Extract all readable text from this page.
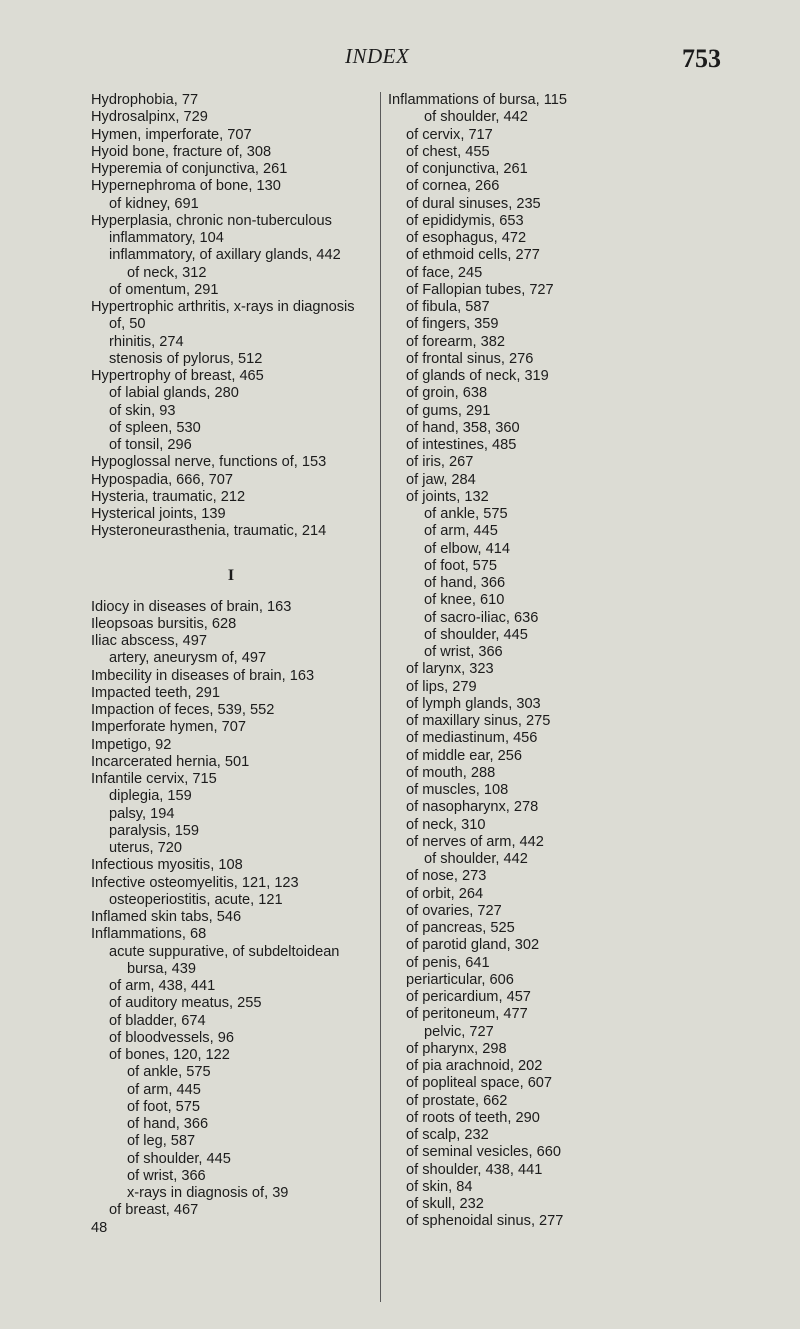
INDEX	753
Hydrophobia, 77
Hydrosalpinx, 729
Hymen, imperforate, 707
Hyoid bone, fracture of, 308
Hyperemia of conjunctiva, 261
Hypernephroma of bone, 130
of kidney, 691
Hyperplasia, chronic non-tuberculous inflammatory, 104
inflammatory, of axillary glands, 442
of neck, 312
of omentum, 291
Hypertrophic arthritis, x-rays in diagnosis of, 50
rhinitis, 274
stenosis of pylorus, 512
Hypertrophy of breast, 465
of labial glands, 280
of skin, 93
of spleen, 530
of tonsil, 296
Hypoglossal nerve, functions of, 153
Hypospadia, 666, 707
Hysteria, traumatic, 212
Hysterical joints, 139
Hysteroneurasthenia, traumatic, 214
I
Idiocy in diseases of brain, 163
Ileopsoas bursitis, 628
Iliac abscess, 497
artery, aneurysm of, 497
Imbecility in diseases of brain, 163
Impacted teeth, 291
Impaction of feces, 539, 552
Imperforate hymen, 707
Impetigo, 92
Incarcerated hernia, 501
Infantile cervix, 715
diplegia, 159
palsy, 194
paralysis, 159
uterus, 720
Infectious myositis, 108
Infective osteomyelitis, 121, 123
osteoperiostitis, acute, 121
Inflamed skin tabs, 546
Inflammations, 68
acute suppurative, of subdeltoidean bursa, 439
of arm, 438, 441
of auditory meatus, 255
of bladder, 674
of bloodvessels, 96
of bones, 120, 122
of ankle, 575
of arm, 445
of foot, 575
of hand, 366
of leg, 587
of shoulder, 445
of wrist, 366
x-rays in diagnosis of, 39
of breast, 467
48
Inflammations of bursa, 115
of shoulder, 442
of cervix, 717
of chest, 455
of conjunctiva, 261
of cornea, 266
of dural sinuses, 235
of epididymis, 653
of esophagus, 472
of ethmoid cells, 277
of face, 245
of Fallopian tubes, 727
of fibula, 587
of fingers, 359
of forearm, 382
of frontal sinus, 276
of glands of neck, 319
of groin, 638
of gums, 291
of hand, 358, 360
of intestines, 485
of iris, 267
of jaw, 284
of joints, 132
of ankle, 575
of arm, 445
of elbow, 414
of foot, 575
of hand, 366
of knee, 610
of sacro-iliac, 636
of shoulder, 445
of wrist, 366
of larynx, 323
of lips, 279
of lymph glands, 303
of maxillary sinus, 275
of mediastinum, 456
of middle ear, 256
of mouth, 288
of muscles, 108
of nasopharynx, 278
of neck, 310
of nerves of arm, 442
of shoulder, 442
of nose, 273
of orbit, 264
of ovaries, 727
of pancreas, 525
of parotid gland, 302
of penis, 641
periarticular, 606
of pericardium, 457
of peritoneum, 477
pelvic, 727
of pharynx, 298
of pia arachnoid, 202
of popliteal space, 607
of prostate, 662
of roots of teeth, 290
of scalp, 232
of seminal vesicles, 660
of shoulder, 438, 441
of skin, 84
of skull, 232
of sphenoidal sinus, 277
